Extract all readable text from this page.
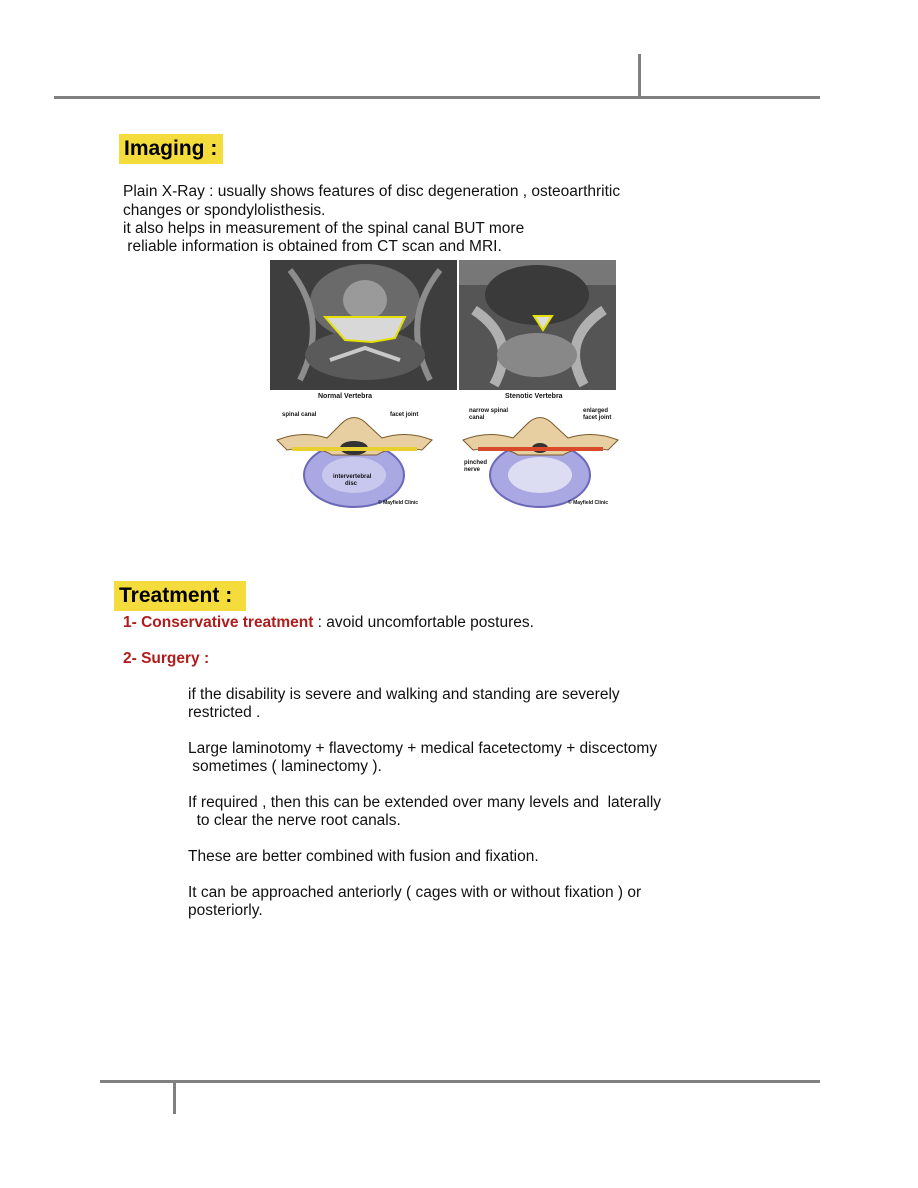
Imaging :
Plain X-Ray : usually shows features of disc degeneration , osteoarthritic
changes or spondylolisthesis.
it also helps in measurement of the spinal canal BUT more
reliable information is obtained from CT scan and MRI.
Normal Vertebra	Stenotic Vertebra
spinal canal	facet joint
intervertebral disc
© Mayfield Clinic
narrow spinal canal
enlarged facet joint
pinched nerve
© Mayfield Clinic
Treatment :
1- Conservative treatment : avoid uncomfortable postures.
2- Surgery :
if the disability is severe and walking and standing are severely
restricted .
Large laminotomy + flavectomy + medical facetectomy + discectomy
sometimes ( laminectomy ).
If required , then this can be extended over many levels and  laterally
to clear the nerve root canals.
These are better combined with fusion and fixation.
It can be approached anteriorly ( cages with or without fixation ) or
posteriorly.
